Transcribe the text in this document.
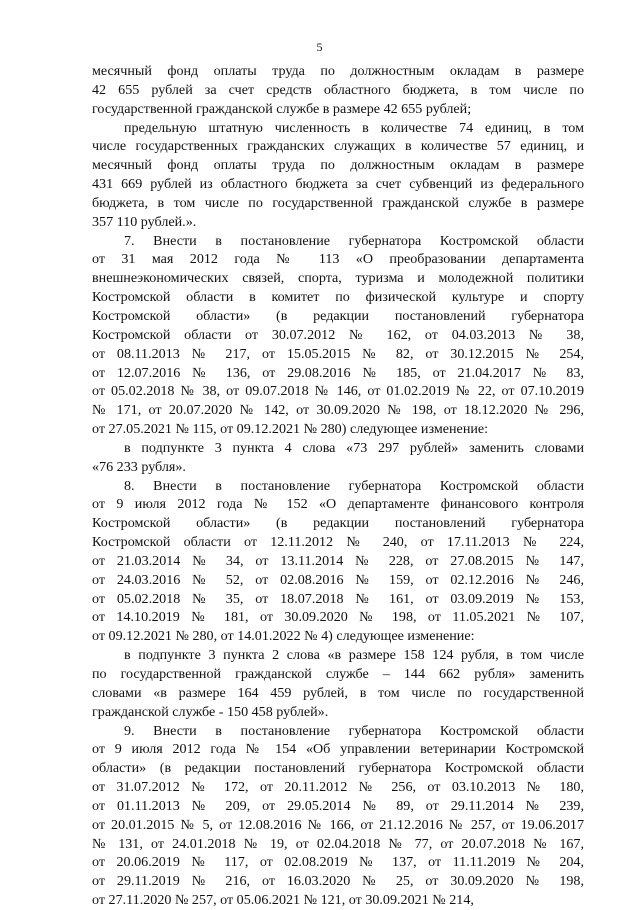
5
месячный фонд оплаты труда по должностным окладам в размере
42 655 рублей за счет средств областного бюджета, в том числе по
государственной гражданской службе в размере 42 655 рублей;
предельную штатную численность в количестве 74 единиц, в том
числе государственных гражданских служащих в количестве 57 единиц, и
месячный фонд оплаты труда по должностным окладам в размере
431 669 рублей из областного бюджета за счет субвенций из федерального
бюджета, в том числе по государственной гражданской службе в размере
357 110 рублей.».
7. Внести в постановление губернатора Костромской области
от 31 мая 2012 года № 113 «О преобразовании департамента
внешнеэкономических связей, спорта, туризма и молодежной политики
Костромской области в комитет по физической культуре и спорту
Костромской области» (в редакции постановлений губернатора
Костромской области от 30.07.2012 № 162, от 04.03.2013 № 38,
от 08.11.2013 № 217, от 15.05.2015 № 82, от 30.12.2015 № 254,
от 12.07.2016 № 136, от 29.08.2016 № 185, от 21.04.2017 № 83,
от 05.02.2018 № 38, от 09.07.2018 № 146, от 01.02.2019 № 22, от 07.10.2019
№ 171, от 20.07.2020 № 142, от 30.09.2020 № 198, от 18.12.2020 № 296,
от 27.05.2021 № 115, от 09.12.2021 № 280) следующее изменение:
в подпункте 3 пункта 4 слова «73 297 рублей» заменить словами
«76 233 рубля».
8. Внести в постановление губернатора Костромской области
от 9 июля 2012 года № 152 «О департаменте финансового контроля
Костромской области» (в редакции постановлений губернатора
Костромской области от 12.11.2012 № 240, от 17.11.2013 № 224,
от 21.03.2014 № 34, от 13.11.2014 № 228, от 27.08.2015 № 147,
от 24.03.2016 № 52, от 02.08.2016 № 159, от 02.12.2016 № 246,
от 05.02.2018 № 35, от 18.07.2018 № 161, от 03.09.2019 № 153,
от 14.10.2019 № 181, от 30.09.2020 № 198, от 11.05.2021 № 107,
от 09.12.2021 № 280, от 14.01.2022 № 4) следующее изменение:
в подпункте 3 пункта 2 слова «в размере 158 124 рубля, в том числе
по государственной гражданской службе – 144 662 рубля» заменить
словами «в размере 164 459 рублей, в том числе по государственной
гражданской службе - 150 458 рублей».
9. Внести в постановление губернатора Костромской области
от 9 июля 2012 года № 154 «Об управлении ветеринарии Костромской
области» (в редакции постановлений губернатора Костромской области
от 31.07.2012 № 172, от 20.11.2012 № 256, от 03.10.2013 № 180,
от 01.11.2013 № 209, от 29.05.2014 № 89, от 29.11.2014 № 239,
от 20.01.2015 № 5, от 12.08.2016 № 166, от 21.12.2016 № 257, от 19.06.2017
№ 131, от 24.01.2018 № 19, от 02.04.2018 № 77, от 20.07.2018 № 167,
от 20.06.2019 № 117, от 02.08.2019 № 137, от 11.11.2019 № 204,
от 29.11.2019 № 216, от 16.03.2020 № 25, от 30.09.2020 № 198,
от 27.11.2020 № 257, от 05.06.2021 № 121, от 30.09.2021 № 214,
